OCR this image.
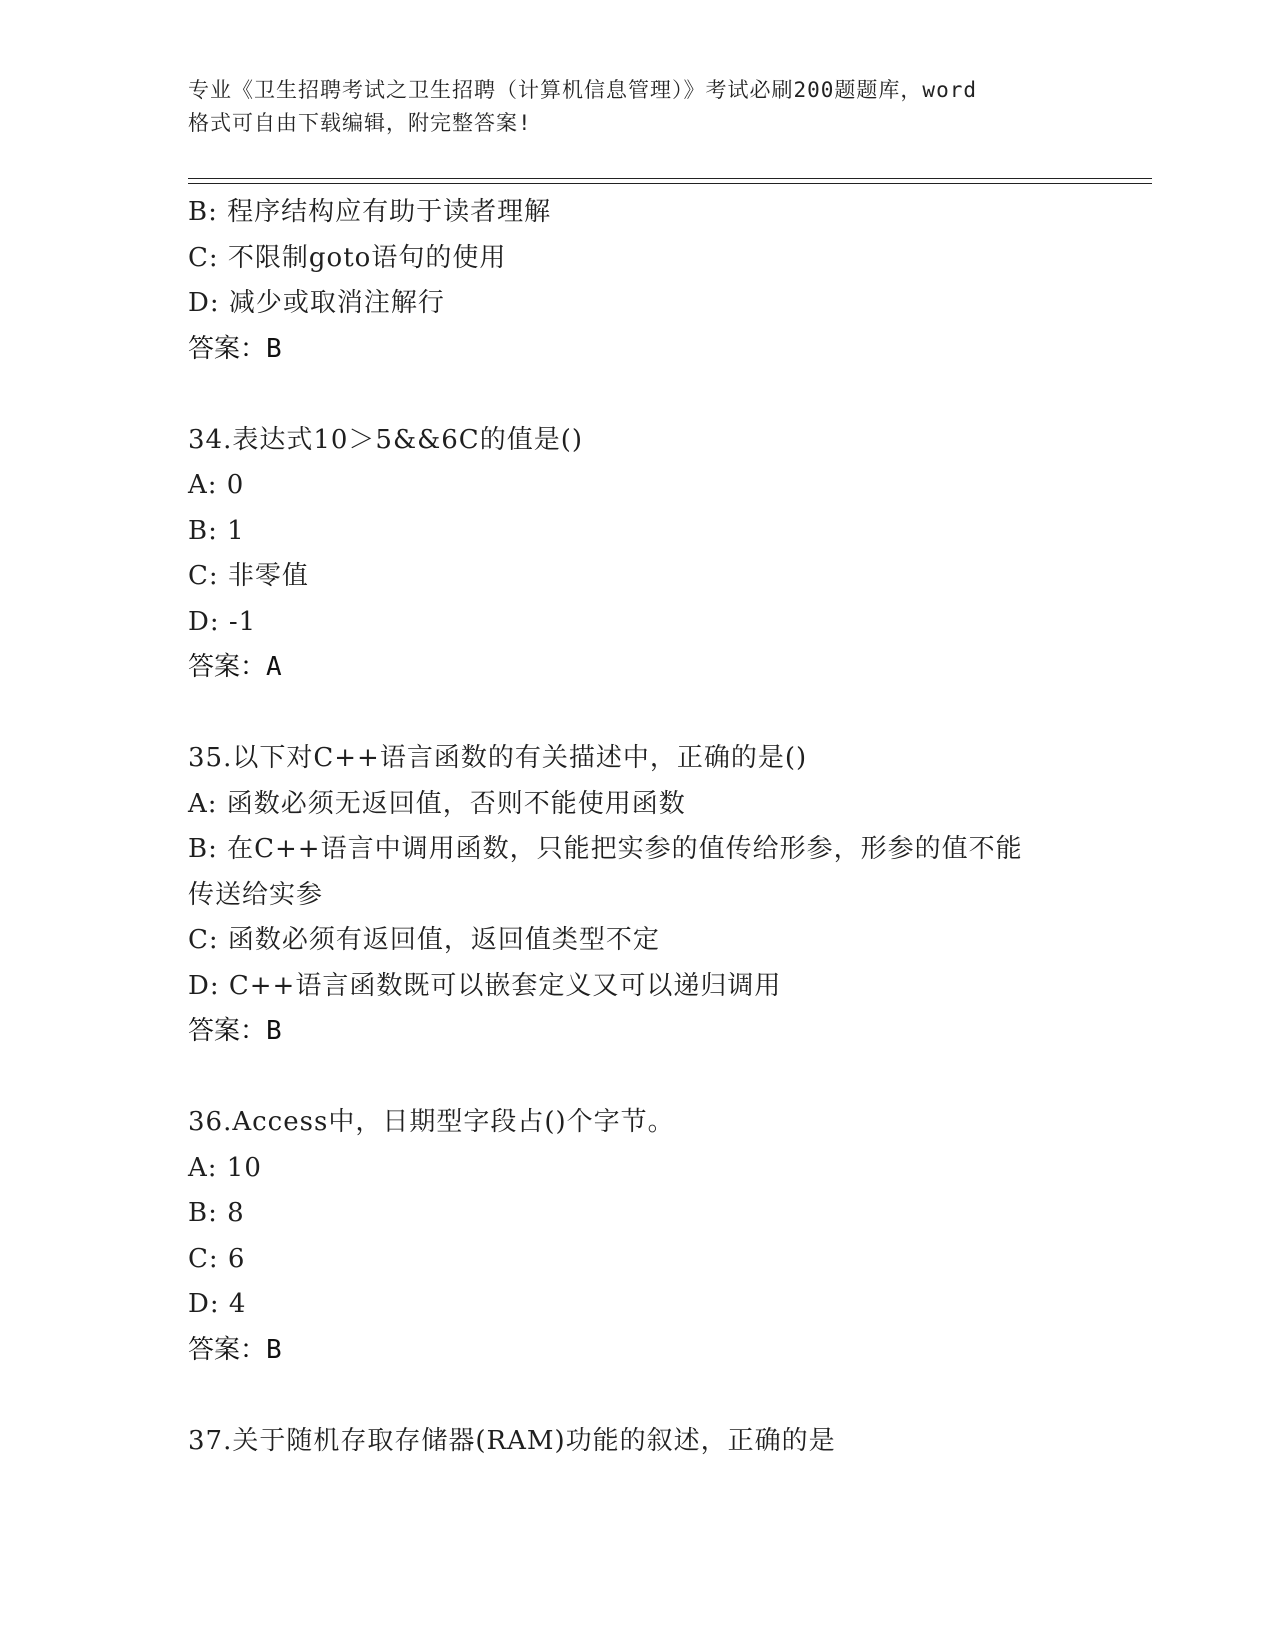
专业《卫生招聘考试之卫生招聘（计算机信息管理）》考试必刷200题题库，word
格式可自由下载编辑，附完整答案!
B: 程序结构应有助于读者理解
C: 不限制goto语句的使用
D: 减少或取消注解行
答案：B
34.表达式10＞5&&6C的值是()
A: 0
B: 1
C: 非零值
D: -1
答案：A
35.以下对C++语言函数的有关描述中，正确的是()
A: 函数必须无返回值，否则不能使用函数
B: 在C++语言中调用函数，只能把实参的值传给形参，形参的值不能
传送给实参
C: 函数必须有返回值，返回值类型不定
D: C++语言函数既可以嵌套定义又可以递归调用
答案：B
36.Access中，日期型字段占()个字节。
A: 10
B: 8
C: 6
D: 4
答案：B
37.关于随机存取存储器(RAM)功能的叙述，正确的是
